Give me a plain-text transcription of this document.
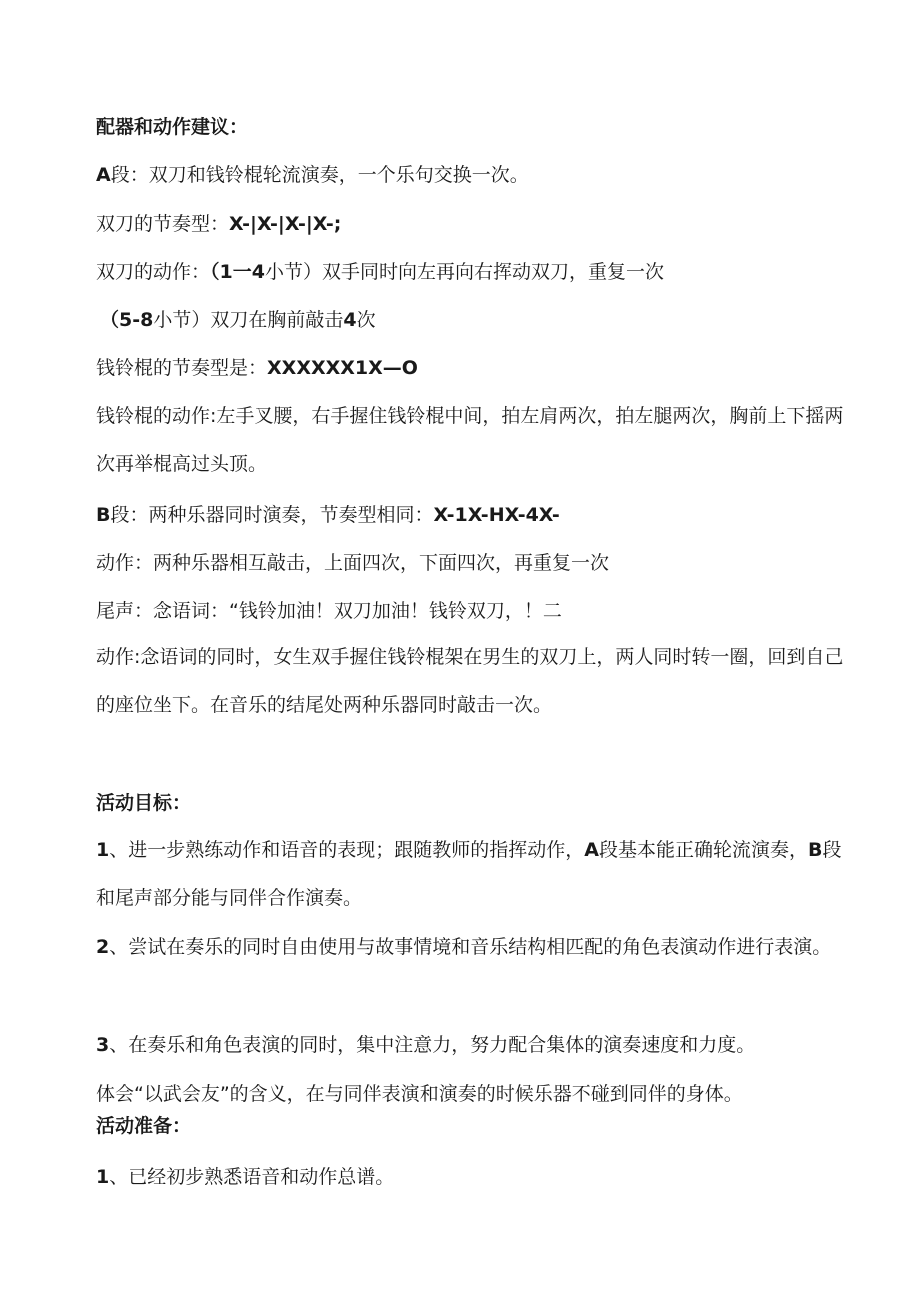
配器和动作建议：
A段：双刀和钱铃棍轮流演奏，一个乐句交换一次。
双刀的节奏型：X-|X-|X-|X-;
双刀的动作：（1一4小节）双手同时向左再向右挥动双刀，重复一次
（5-8小节）双刀在胸前敲击4次
钱铃棍的节奏型是：XXXXXX1X—O
钱铃棍的动作:左手叉腰，右手握住钱铃棍中间，拍左肩两次，拍左腿两次，胸前上下摇两次再举棍高过头顶。
B段：两种乐器同时演奏，节奏型相同：X-1X-HX-4X-
动作：两种乐器相互敲击，上面四次，下面四次，再重复一次
尾声：念语词：“钱铃加油！双刀加油！钱铃双刀，！二
动作:念语词的同时，女生双手握住钱铃棍架在男生的双刀上，两人同时转一圈，回到自己的座位坐下。在音乐的结尾处两种乐器同时敲击一次。
活动目标：
1、进一步熟练动作和语音的表现；跟随教师的指挥动作，A段基本能正确轮流演奏，B段和尾声部分能与同伴合作演奏。
2、尝试在奏乐的同时自由使用与故事情境和音乐结构相匹配的角色表演动作进行表演。
3、在奏乐和角色表演的同时，集中注意力，努力配合集体的演奏速度和力度。
体会“以武会友”的含义，在与同伴表演和演奏的时候乐器不碰到同伴的身体。
活动准备：
1、已经初步熟悉语音和动作总谱。
